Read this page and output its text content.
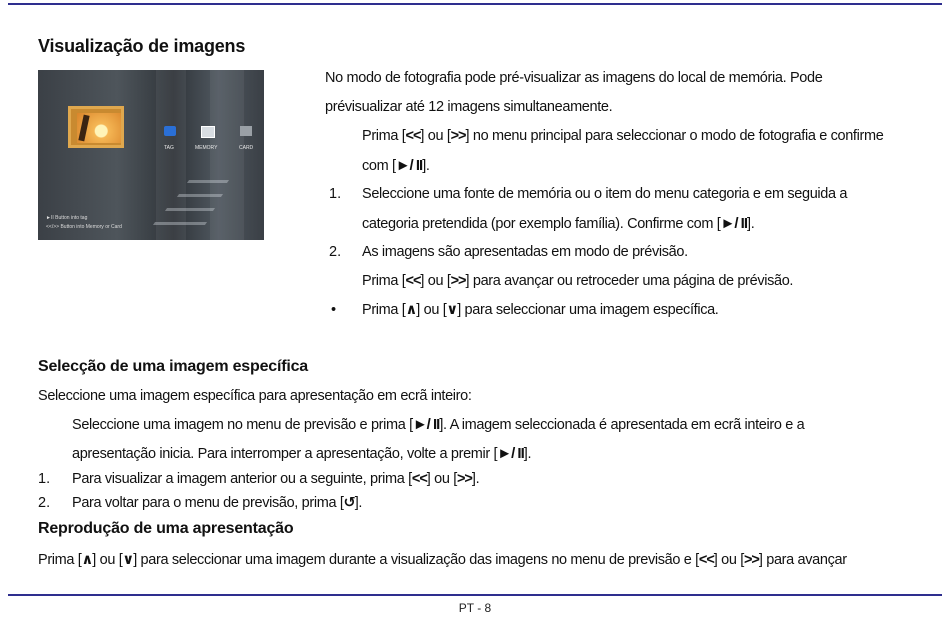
Visualização de imagens
TAG	MEMORY	CARD
►II Button into tag
<</>> Button into Memory or Card
No modo de fotografia pode pré-visualizar as imagens do local de memória. Pode
prévisualizar até 12 imagens simultaneamente.
Prima [<<] ou [>>] no menu principal para seleccionar o modo de fotografia e confirme
com [►/ II].
1. Seleccione uma fonte de memória ou o item do menu categoria e em seguida a
categoria pretendida (por exemplo família). Confirme com [►/ II].
2. As imagens são apresentadas em modo de prévisão.
Prima [<<] ou [>>] para avançar ou retroceder uma página de prévisão.
• Prima [∧] ou [∨] para seleccionar uma imagem específica.
Selecção de uma imagem específica
Seleccione uma imagem específica para apresentação em ecrã inteiro:
Seleccione uma imagem no menu de previsão e prima [►/ II]. A imagem seleccionada é apresentada em ecrã inteiro e a
apresentação inicia. Para interromper a apresentação, volte a premir [►/ II].
1. Para visualizar a imagem anterior ou a seguinte, prima [<<] ou [>>].
2. Para voltar para o menu de previsão, prima [↺].
Reprodução de uma apresentação
Prima [∧] ou [∨] para seleccionar uma imagem durante a visualização das imagens no menu de previsão e [<<] ou [>>] para avançar
PT - 8
